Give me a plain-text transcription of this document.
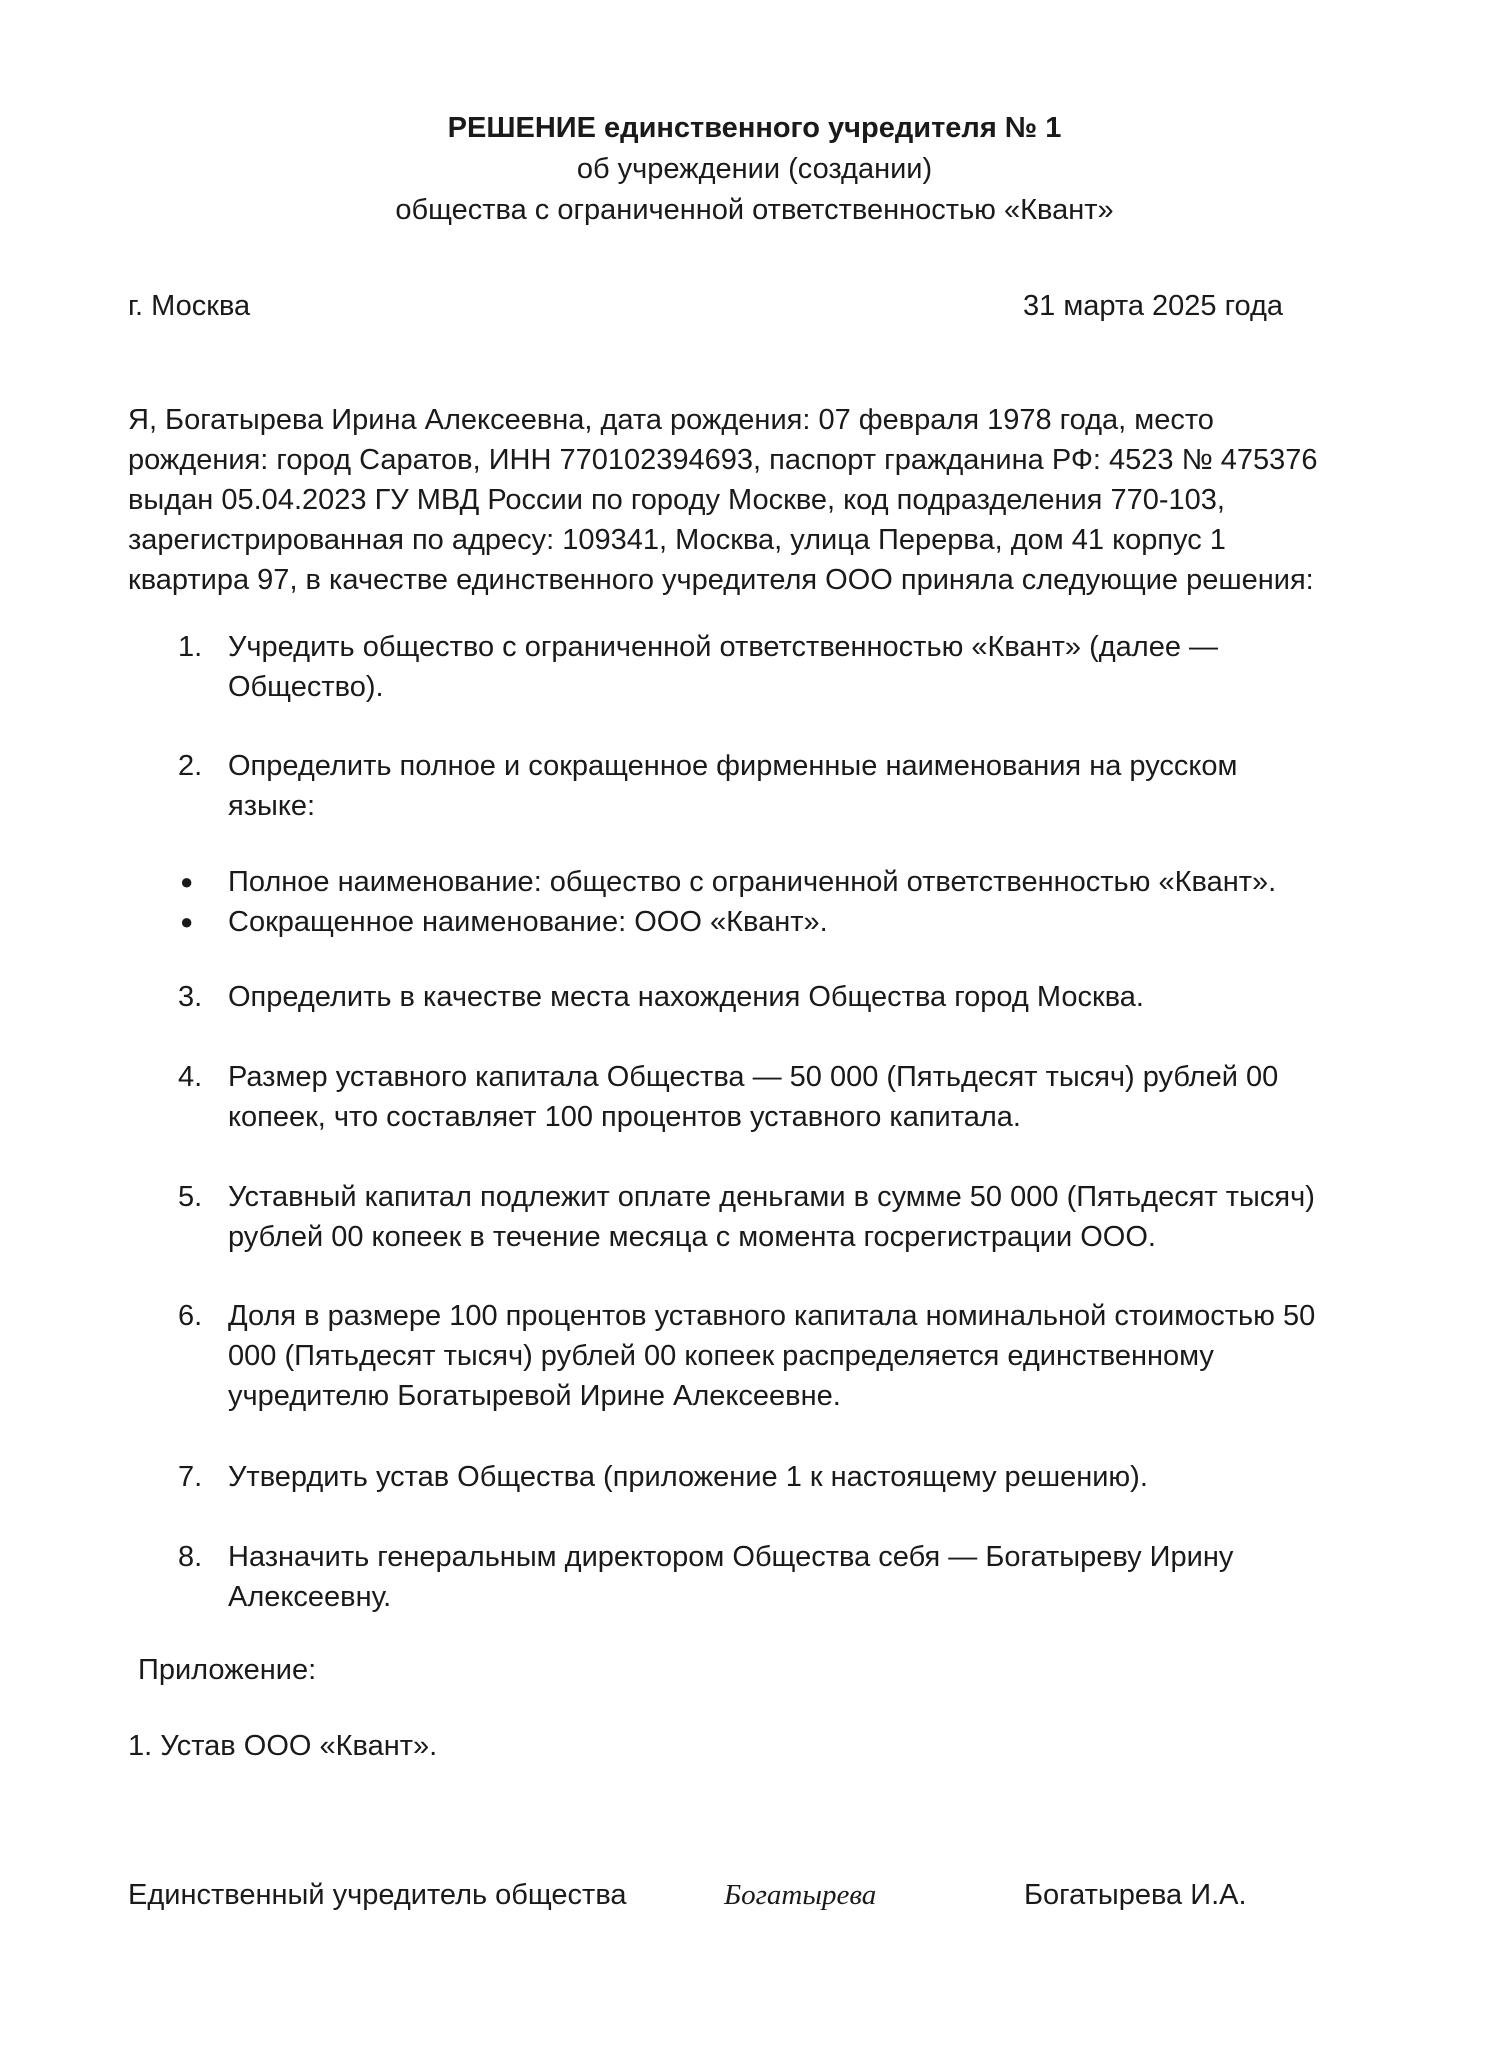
РЕШЕНИЕ единственного учредителя № 1
об учреждении (создании)
общества с ограниченной ответственностью «Квант»
г. Москва	31 марта 2025 года
Я, Богатырева Ирина Алексеевна, дата рождения: 07 февраля 1978 года, место
рождения: город Саратов, ИНН 770102394693, паспорт гражданина РФ: 4523 № 475376
выдан 05.04.2023 ГУ МВД России по городу Москве, код подразделения 770-103,
зарегистрированная по адресу: 109341, Москва, улица Перерва, дом 41 корпус 1
квартира 97, в качестве единственного учредителя ООО приняла следующие решения:
1. Учредить общество с ограниченной ответственностью «Квант» (далее —
Общество).
2. Определить полное и сокращенное фирменные наименования на русском
языке:
● Полное наименование: общество с ограниченной ответственностью «Квант».
● Сокращенное наименование: ООО «Квант».
3. Определить в качестве места нахождения Общества город Москва.
4. Размер уставного капитала Общества — 50 000 (Пятьдесят тысяч) рублей 00
копеек, что составляет 100 процентов уставного капитала.
5. Уставный капитал подлежит оплате деньгами в сумме 50 000 (Пятьдесят тысяч)
рублей 00 копеек в течение месяца с момента госрегистрации ООО.
6. Доля в размере 100 процентов уставного капитала номинальной стоимостью 50
000 (Пятьдесят тысяч) рублей 00 копеек распределяется единственному
учредителю Богатыревой Ирине Алексеевне.
7. Утвердить устав Общества (приложение 1 к настоящему решению).
8. Назначить генеральным директором Общества себя — Богатыреву Ирину
Алексеевну.
Приложение:
1. Устав ООО «Квант».
Единственный учредитель общества	Богатырева	Богатырева И.А.
